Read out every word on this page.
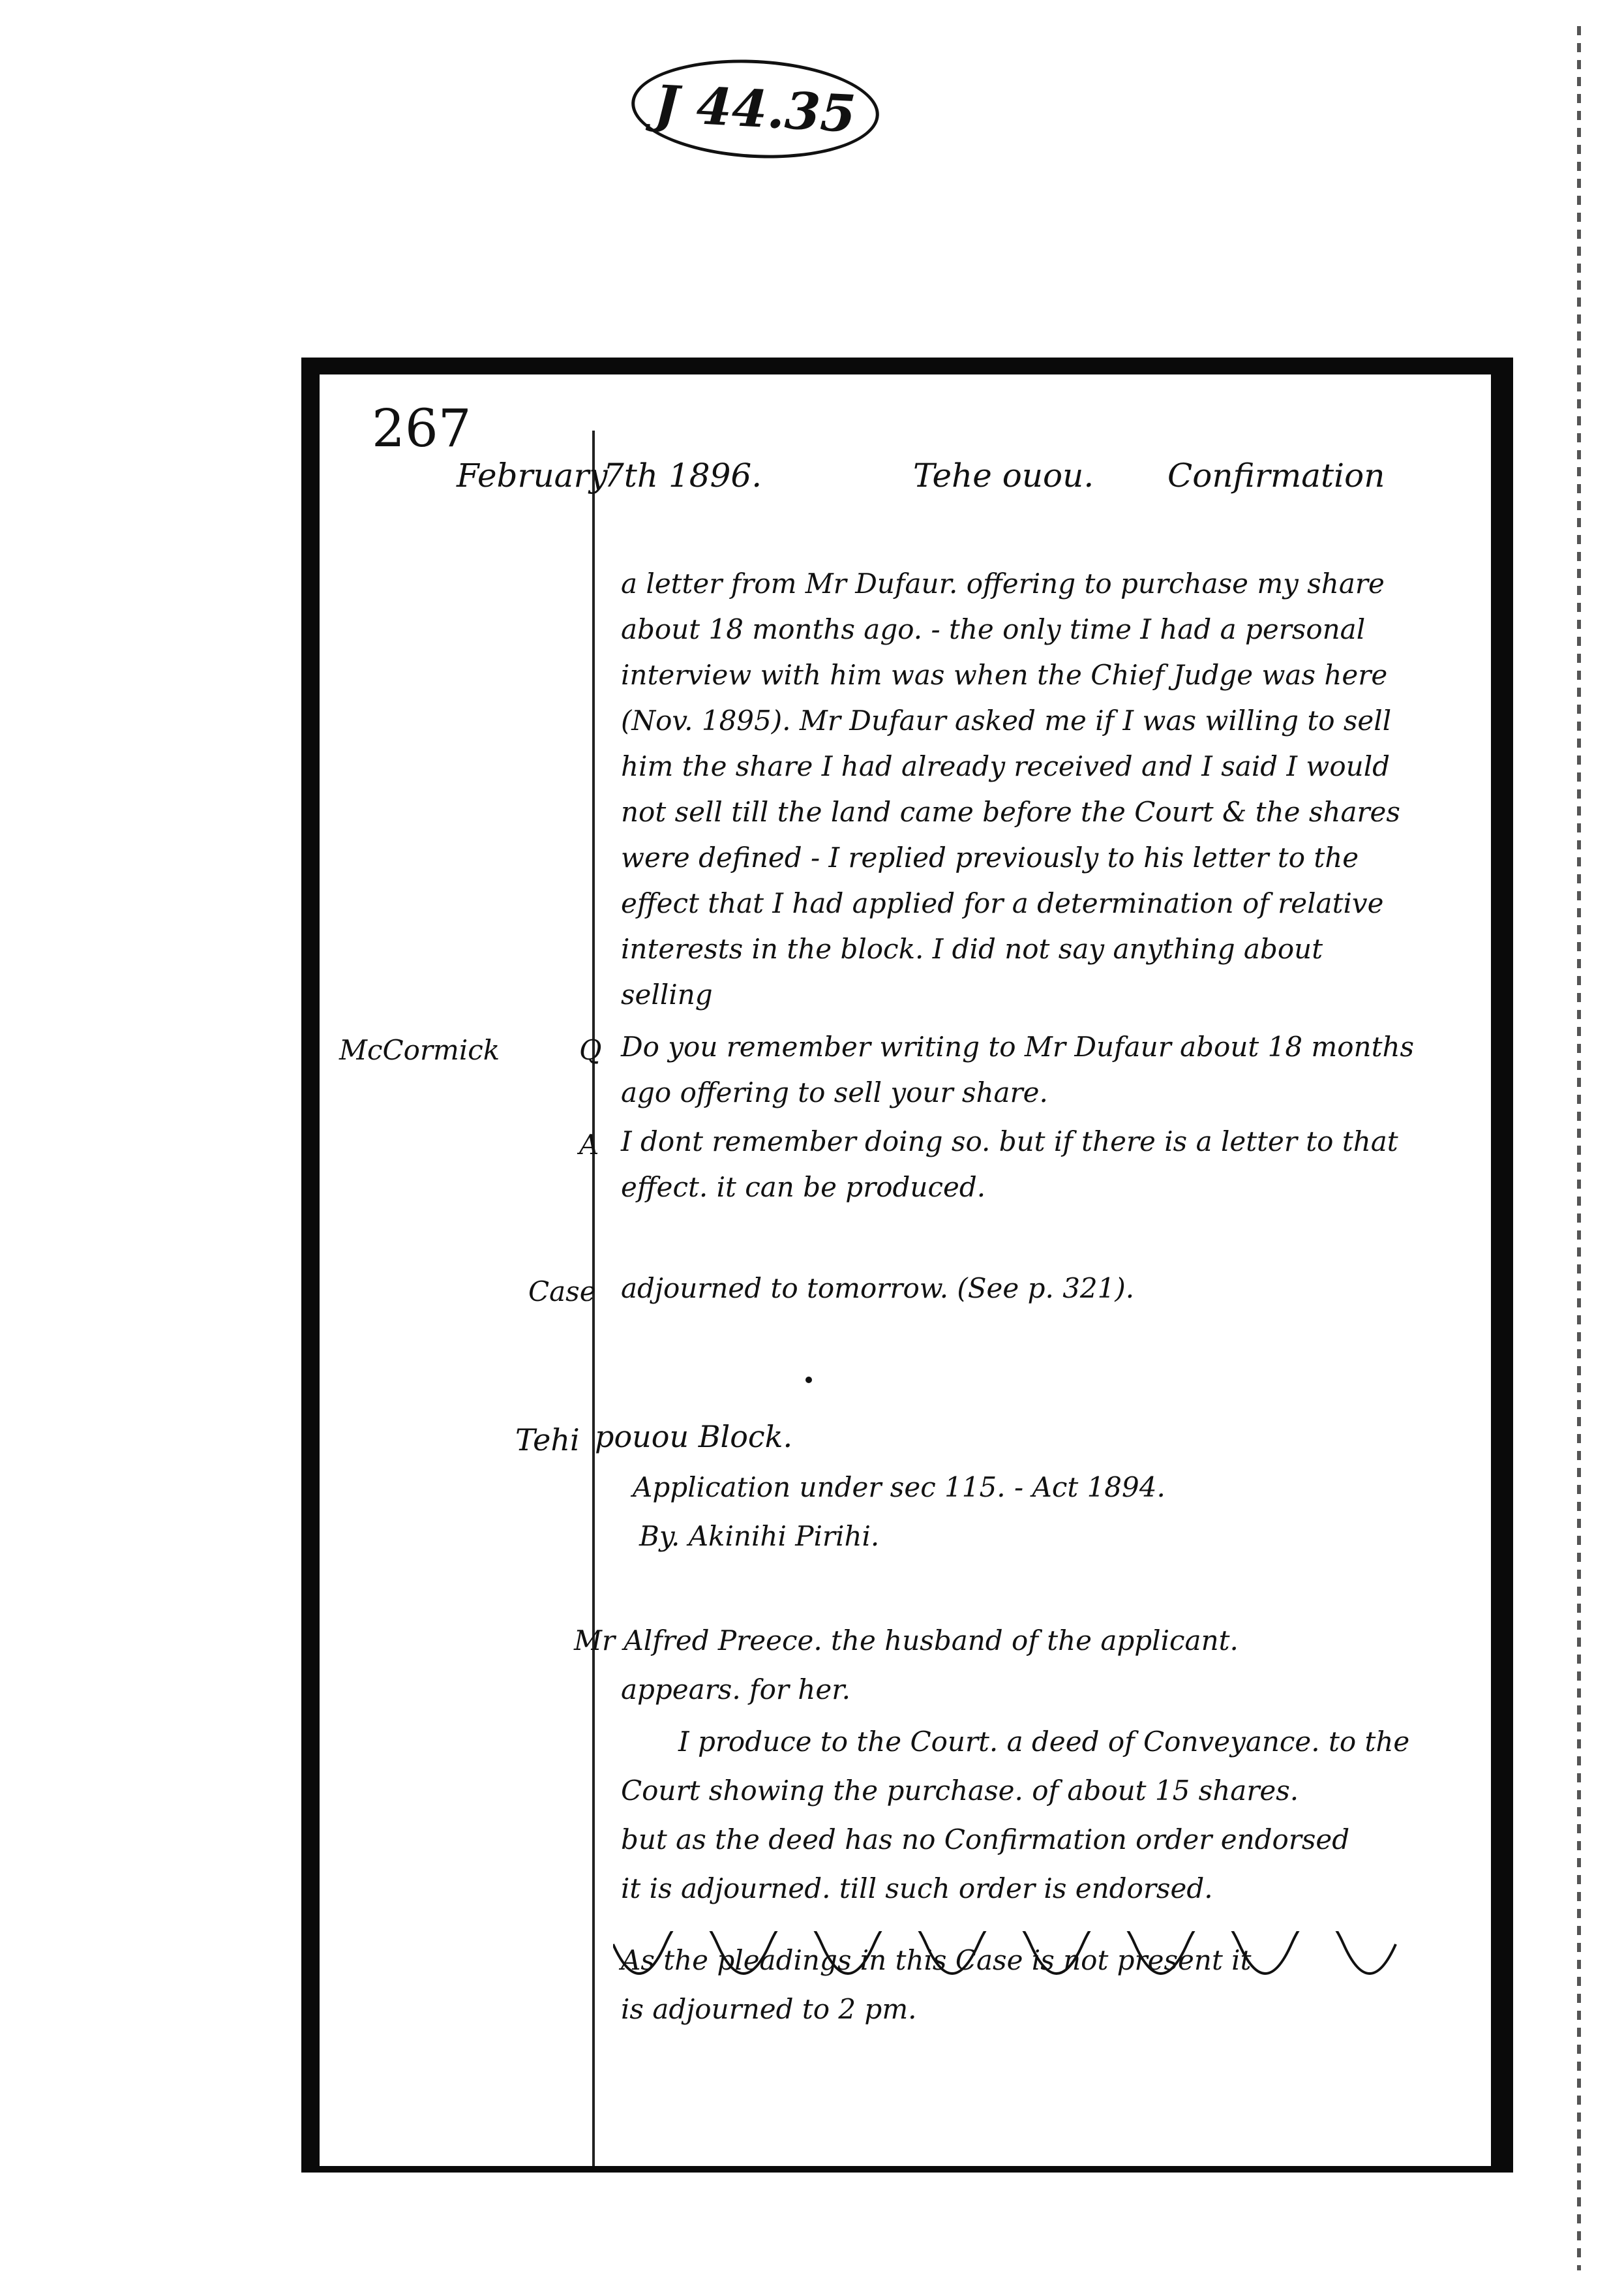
J 44.35
267
February
7th 1896.	Tehe ouou. Confirmation
a letter from Mr Dufaur. offering to purchase my share
about 18 months ago. - the only time I had a personal
interview with him was when the Chief Judge was here
(Nov. 1895). Mr Dufaur asked me if I was willing to sell
him the share I had already received and I said I would
not sell till the land came before the Court & the shares
were defined - I replied previously to his letter to the
effect that I had applied for a determination of relative
interests in the block. I did not say anything about
selling
McCormick	Q Do you remember writing to Mr Dufaur about 18 months
ago offering to sell your share.
A I dont remember doing so. but if there is a letter to that
effect. it can be produced.
Case adjourned to tomorrow. (See p. 321).
Tehi pouou Block.
Application under sec 115. - Act 1894.
By. Akinihi Pirihi.
Mr Alfred Preece. the husband of the applicant.
appears. for her.
I produce to the Court. a deed of Conveyance. to the
Court showing the purchase. of about 15 shares.
but as the deed has no Confirmation order endorsed
it is adjourned. till such order is endorsed.
As the pleadings in this Case is not present it
is adjourned to 2 pm.
